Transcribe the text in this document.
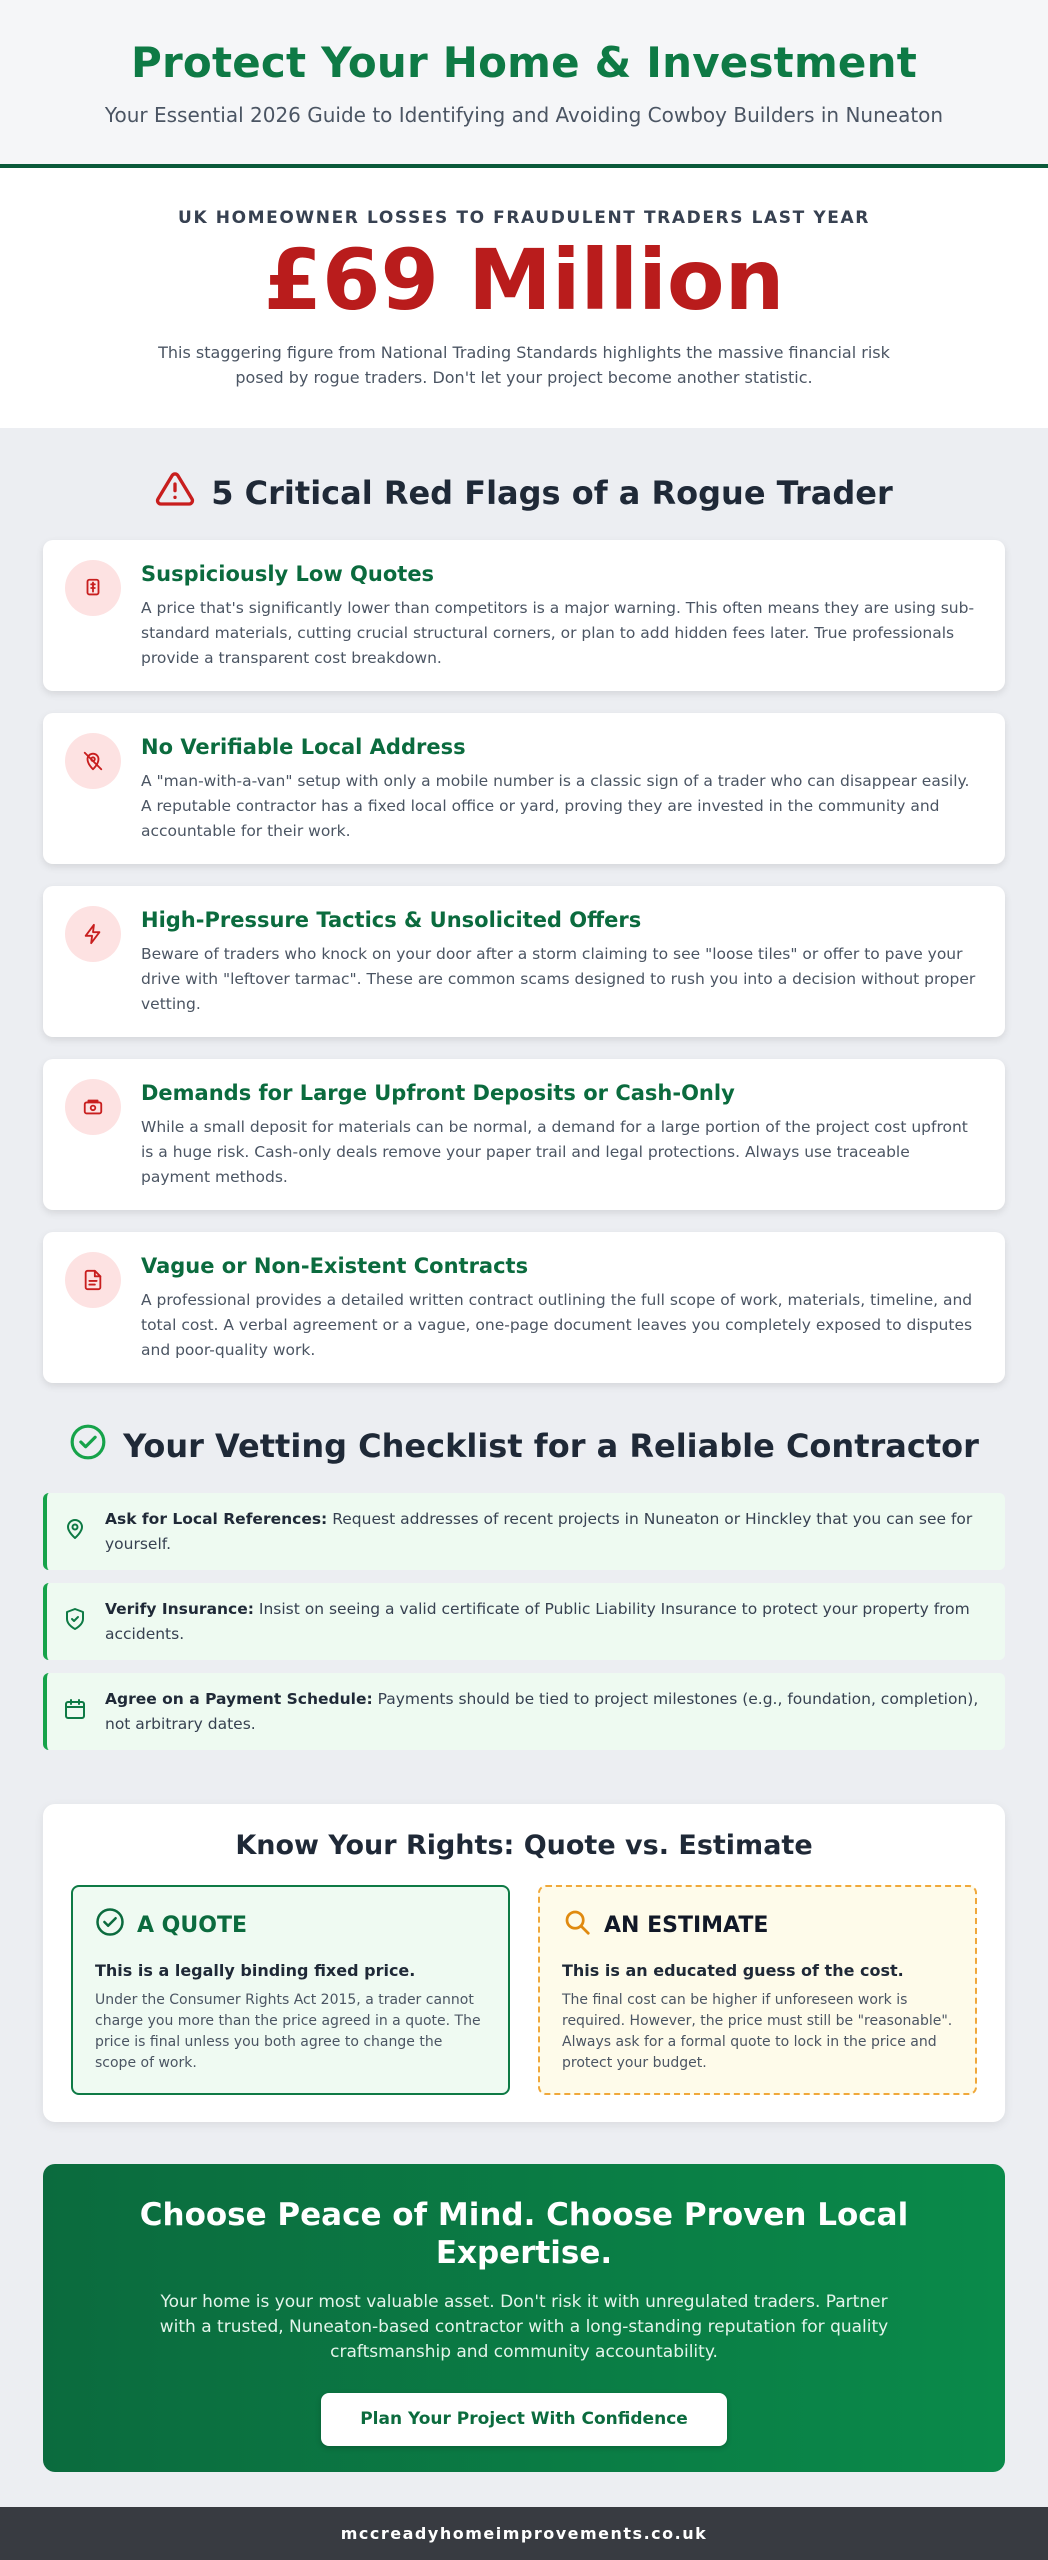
Protect Your Home & Investment

Your Essential 2026 Guide to Identifying and Avoiding Cowboy Builders in Nuneaton

UK HOMEOWNER LOSSES TO FRAUDULENT TRADERS LAST YEAR
£69 Million
This staggering figure from National Trading Standards highlights the massive financial risk posed by rogue traders. Don't let your project become another statistic.
5 Critical Red Flags of a Rogue Trader
Suspiciously Low Quotes

A price that's significantly lower than competitors is a major warning. This often means they are using sub-standard materials, cutting crucial structural corners, or plan to add hidden fees later. True professionals provide a transparent cost breakdown.

No Verifiable Local Address

A "man-with-a-van" setup with only a mobile number is a classic sign of a trader who can disappear easily. A reputable contractor has a fixed local office or yard, proving they are invested in the community and accountable for their work.

High-Pressure Tactics & Unsolicited Offers

Beware of traders who knock on your door after a storm claiming to see "loose tiles" or offer to pave your drive with "leftover tarmac". These are common scams designed to rush you into a decision without proper vetting.

Demands for Large Upfront Deposits or Cash-Only

While a small deposit for materials can be normal, a demand for a large portion of the project cost upfront is a huge risk. Cash-only deals remove your paper trail and legal protections. Always use traceable payment methods.

Vague or Non-Existent Contracts

A professional provides a detailed written contract outlining the full scope of work, materials, timeline, and total cost. A verbal agreement or a vague, one-page document leaves you completely exposed to disputes and poor-quality work.

Your Vetting Checklist for a Reliable Contractor
Ask for Local References: Request addresses of recent projects in Nuneaton or Hinckley that you can see for yourself.
Verify Insurance: Insist on seeing a valid certificate of Public Liability Insurance to protect your property from accidents.
Agree on a Payment Schedule: Payments should be tied to project milestones (e.g., foundation, completion), not arbitrary dates.
Know Your Rights: Quote vs. Estimate
A QUOTE
This is a legally binding fixed price.
Under the Consumer Rights Act 2015, a trader cannot charge you more than the price agreed in a quote. The price is final unless you both agree to change the scope of work.
AN ESTIMATE
This is an educated guess of the cost.
The final cost can be higher if unforeseen work is required. However, the price must still be "reasonable". Always ask for a formal quote to lock in the price and protect your budget.
Choose Peace of Mind. Choose Proven Local Expertise.

Your home is your most valuable asset. Don't risk it with unregulated traders. Partner with a trusted, Nuneaton-based contractor with a long-standing reputation for quality craftsmanship and community accountability.

Plan Your Project With Confidence
mccreadyhomeimprovements.co.uk
